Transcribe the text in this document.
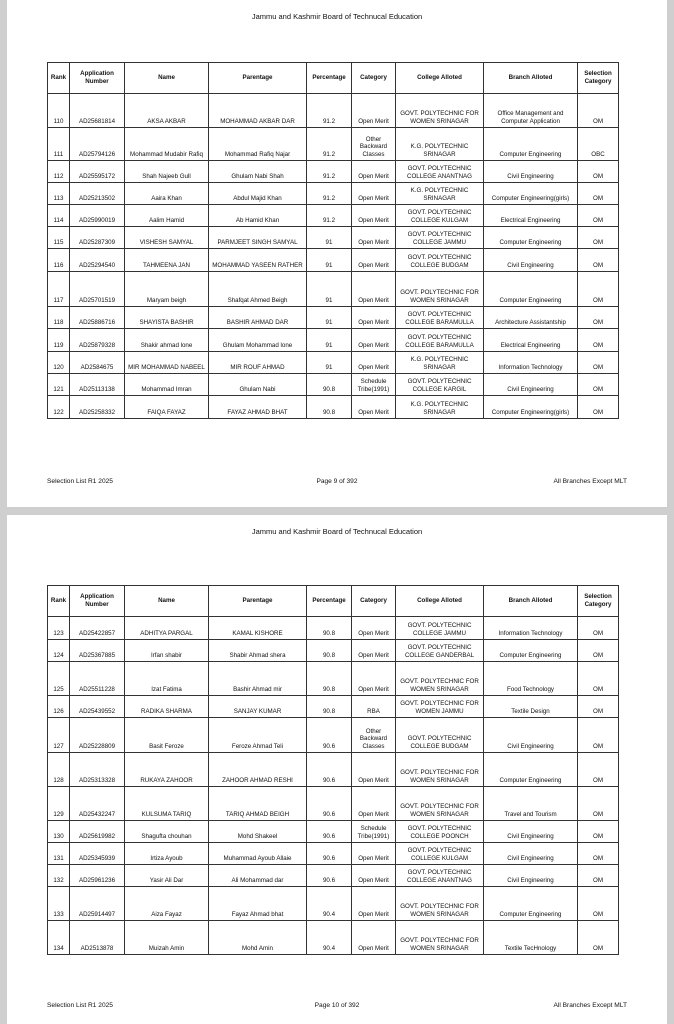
Jammu and Kashmir Board of Technucal Education
Rank	Application Number	Name	Parentage	Percentage	Category	College Alloted	Branch Alloted	Selection Category
110	AD25681814	AKSA AKBAR	MOHAMMAD AKBAR DAR	91.2	Open Merit	GOVT. POLYTECHNIC FOR WOMEN SRINAGAR	Office Management and Computer Application	OM
111	AD25794126	Mohammad Mudabir Rafiq	Mohammad Rafiq Najar	91.2	Other Backward Classes	K.G. POLYTECHNIC SRINAGAR	Computer Engineering	OBC
112	AD25595172	Shah Najeeb Gull	Ghulam Nabi Shah	91.2	Open Merit	GOVT. POLYTECHNIC COLLEGE ANANTNAG	Civil Engineering	OM
113	AD25213502	Aaira Khan	Abdul Majid Khan	91.2	Open Merit	K.G. POLYTECHNIC SRINAGAR	Computer Engineering(girls)	OM
114	AD25990019	Aalim Hamid	Ab Hamid Khan	91.2	Open Merit	GOVT. POLYTECHNIC COLLEGE KULGAM	Electrical Engineering	OM
115	AD25287309	VISHESH SAMYAL	PARMJEET SINGH SAMYAL	91	Open Merit	GOVT. POLYTECHNIC COLLEGE JAMMU	Computer Engineering	OM
116	AD25294540	TAHMEENA JAN	MOHAMMAD YASEEN RATHER	91	Open Merit	GOVT. POLYTECHNIC COLLEGE BUDGAM	Civil Engineering	OM
117	AD25701519	Maryam beigh	Shafqat Ahmed Beigh	91	Open Merit	GOVT. POLYTECHNIC FOR WOMEN SRINAGAR	Computer Engineering	OM
118	AD25886716	SHAYISTA BASHIR	BASHIR AHMAD DAR	91	Open Merit	GOVT. POLYTECHNIC COLLEGE BARAMULLA	Architecture Assistantship	OM
119	AD25879328	Shakir ahmad lone	Ghulam Mohammad lone	91	Open Merit	GOVT. POLYTECHNIC COLLEGE BARAMULLA	Electrical Engineering	OM
120	AD2584675	MIR MOHAMMAD NABEEL	MIR ROUF AHMAD	91	Open Merit	K.G. POLYTECHNIC SRINAGAR	Information Technology	OM
121	AD25113138	Mohammad Imran	Ghulam Nabi	90.8	Schedule Tribe(1991)	GOVT. POLYTECHNIC COLLEGE KARGIL	Civil Engineering	OM
122	AD25258332	FAIQA FAYAZ	FAYAZ AHMAD BHAT	90.8	Open Merit	K.G. POLYTECHNIC SRINAGAR	Computer Engineering(girls)	OM
Selection List R1 2025	Page 9 of 392	All Branches Except MLT
Jammu and Kashmir Board of Technucal Education
Rank	Application Number	Name	Parentage	Percentage	Category	College Alloted	Branch Alloted	Selection Category
123	AD25422857	ADHITYA PARGAL	KAMAL KISHORE	90.8	Open Merit	GOVT. POLYTECHNIC COLLEGE JAMMU	Information Technology	OM
124	AD25367885	Irfan shabir	Shabir Ahmad shera	90.8	Open Merit	GOVT. POLYTECHNIC COLLEGE GANDERBAL	Computer Engineering	OM
125	AD25511228	Izat Fatima	Bashir Ahmad mir	90.8	Open Merit	GOVT. POLYTECHNIC FOR WOMEN SRINAGAR	Food Technology	OM
126	AD25439552	RADIKA SHARMA	SANJAY KUMAR	90.8	RBA	GOVT. POLYTECHNIC FOR WOMEN JAMMU	Textile Design	OM
127	AD25228809	Basit Feroze	Feroze Ahmad Teli	90.6	Other Backward Classes	GOVT. POLYTECHNIC COLLEGE BUDGAM	Civil Engineering	OM
128	AD25313328	RUKAYA ZAHOOR	ZAHOOR AHMAD RESHI	90.6	Open Merit	GOVT. POLYTECHNIC FOR WOMEN SRINAGAR	Computer Engineering	OM
129	AD25432247	KULSUMA TARIQ	TARIQ AHMAD BEIGH	90.6	Open Merit	GOVT. POLYTECHNIC FOR WOMEN SRINAGAR	Travel and Tourism	OM
130	AD25619982	Shagufta chouhan	Mohd Shakeel	90.6	Schedule Tribe(1991)	GOVT. POLYTECHNIC COLLEGE POONCH	Civil Engineering	OM
131	AD25345939	Irtiza Ayoub	Muhammad Ayoub Allaie	90.6	Open Merit	GOVT. POLYTECHNIC COLLEGE KULGAM	Civil Engineering	OM
132	AD25961236	Yasir Ali Dar	Ali Mohammad dar	90.6	Open Merit	GOVT. POLYTECHNIC COLLEGE ANANTNAG	Civil Engineering	OM
133	AD25914497	Aiza Fayaz	Fayaz Ahmad bhat	90.4	Open Merit	GOVT. POLYTECHNIC FOR WOMEN SRINAGAR	Computer Engineering	OM
134	AD2513878	Muizah Amin	Mohd Amin	90.4	Open Merit	GOVT. POLYTECHNIC FOR WOMEN SRINAGAR	Textile TecHnology	OM
Selection List R1 2025	Page 10 of 392	All Branches Except MLT
